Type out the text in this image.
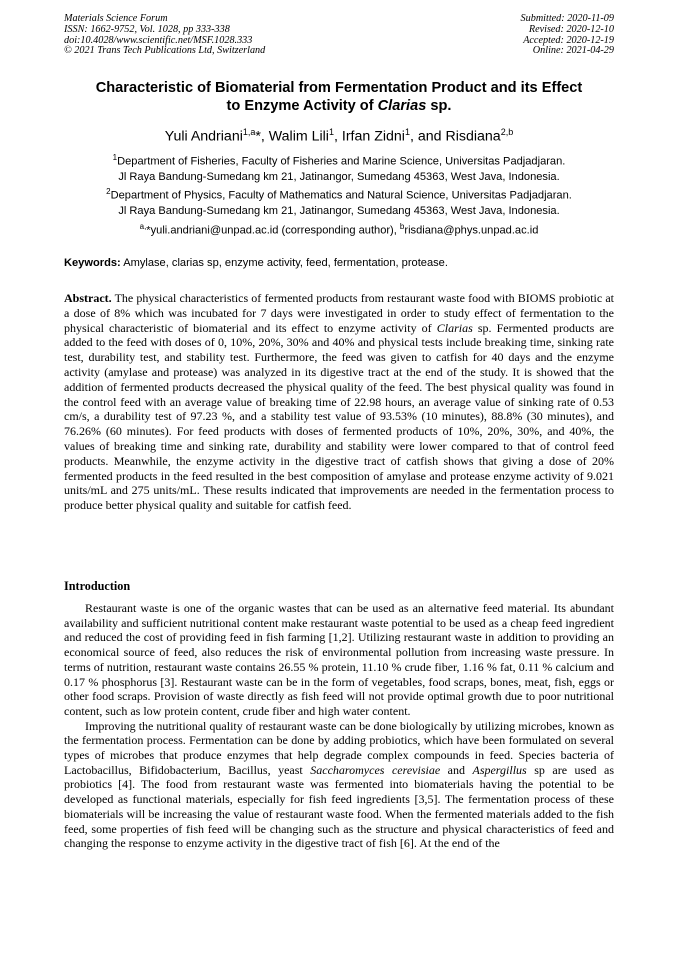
Materials Science Forum
ISSN: 1662-9752, Vol. 1028, pp 333-338
doi:10.4028/www.scientific.net/MSF.1028.333
© 2021 Trans Tech Publications Ltd, Switzerland
Submitted: 2020-11-09
Revised: 2020-12-10
Accepted: 2020-12-19
Online: 2021-04-29
Characteristic of Biomaterial from Fermentation Product and its Effect
to Enzyme Activity of Clarias sp.
Yuli Andriani$^{1,a}$*, Walim Lili$^1$, Irfan Zidni$^1$, and Risdiana$^{2,b}$
$^1$Department of Fisheries, Faculty of Fisheries and Marine Science, Universitas Padjadjaran.
Jl Raya Bandung-Sumedang km 21, Jatinangor, Sumedang 45363, West Java, Indonesia.
$^2$Department of Physics, Faculty of Mathematics and Natural Science, Universitas Padjadjaran.
Jl Raya Bandung-Sumedang km 21, Jatinangor, Sumedang 45363, West Java, Indonesia.
$^{a,}$*yuli.andriani@unpad.ac.id (corresponding author), $^b$risdiana@phys.unpad.ac.id
Keywords: Amylase, clarias sp, enzyme activity, feed, fermentation, protease.
Abstract. The physical characteristics of fermented products from restaurant waste food with BIOMS probiotic at a dose of 8% which was incubated for 7 days were investigated in order to study effect of fermentation to the physical characteristic of biomaterial and its effect to enzyme activity of Clarias sp. Fermented products are added to the feed with doses of 0, 10%, 20%, 30% and 40% and physical tests include breaking time, sinking rate test, durability test, and stability test. Furthermore, the feed was given to catfish for 40 days and the enzyme activity (amylase and protease) was analyzed in its digestive tract at the end of the study. It is showed that the addition of fermented products decreased the physical quality of the feed. The best physical quality was found in the control feed with an average value of breaking time of 22.98 hours, an average value of sinking rate of 0.53 cm/s, a durability test of 97.23 %, and a stability test value of 93.53% (10 minutes), 88.8% (30 minutes), and 76.26% (60 minutes). For feed products with doses of fermented products of 10%, 20%, 30%, and 40%, the values of breaking time and sinking rate, durability and stability were lower compared to that of control feed products. Meanwhile, the enzyme activity in the digestive tract of catfish shows that giving a dose of 20% fermented products in the feed resulted in the best composition of amylase and protease enzyme activity of 9.021 units/mL and 275 units/mL. These results indicated that improvements are needed in the fermentation process to produce better physical quality and suitable for catfish feed.
Introduction

Restaurant waste is one of the organic wastes that can be used as an alternative feed material. Its abundant availability and sufficient nutritional content make restaurant waste potential to be used as a cheap feed ingredient and reduced the cost of providing feed in fish farming [1,2]. Utilizing restaurant waste in addition to providing an economical source of feed, also reduces the risk of environmental pollution from increasing waste pressure. In terms of nutrition, restaurant waste contains 26.55 % protein, 11.10 % crude fiber, 1.16 % fat, 0.11 % calcium and 0.17 % phosphorus [3]. Restaurant waste can be in the form of vegetables, food scraps, bones, meat, fish, eggs or other food scraps. Provision of waste directly as fish feed will not provide optimal growth due to poor nutritional content, such as low protein content, crude fiber and high water content.

Improving the nutritional quality of restaurant waste can be done biologically by utilizing microbes, known as the fermentation process. Fermentation can be done by adding probiotics, which have been formulated on several types of microbes that produce enzymes that help degrade complex compounds in feed. Species bacteria of Lactobacillus, Bifidobacterium, Bacillus, yeast Saccharomyces cerevisiae and Aspergillus sp are used as probiotics [4]. The food from restaurant waste was fermented into biomaterials having the potential to be developed as functional materials, especially for fish feed ingredients [3,5]. The fermentation process of these biomaterials will be increasing the value of restaurant waste food. When the fermented materials added to the fish feed, some properties of fish feed will be changing such as the structure and physical characteristics of feed and changing the response to enzyme activity in the digestive tract of fish [6]. At the end of the
